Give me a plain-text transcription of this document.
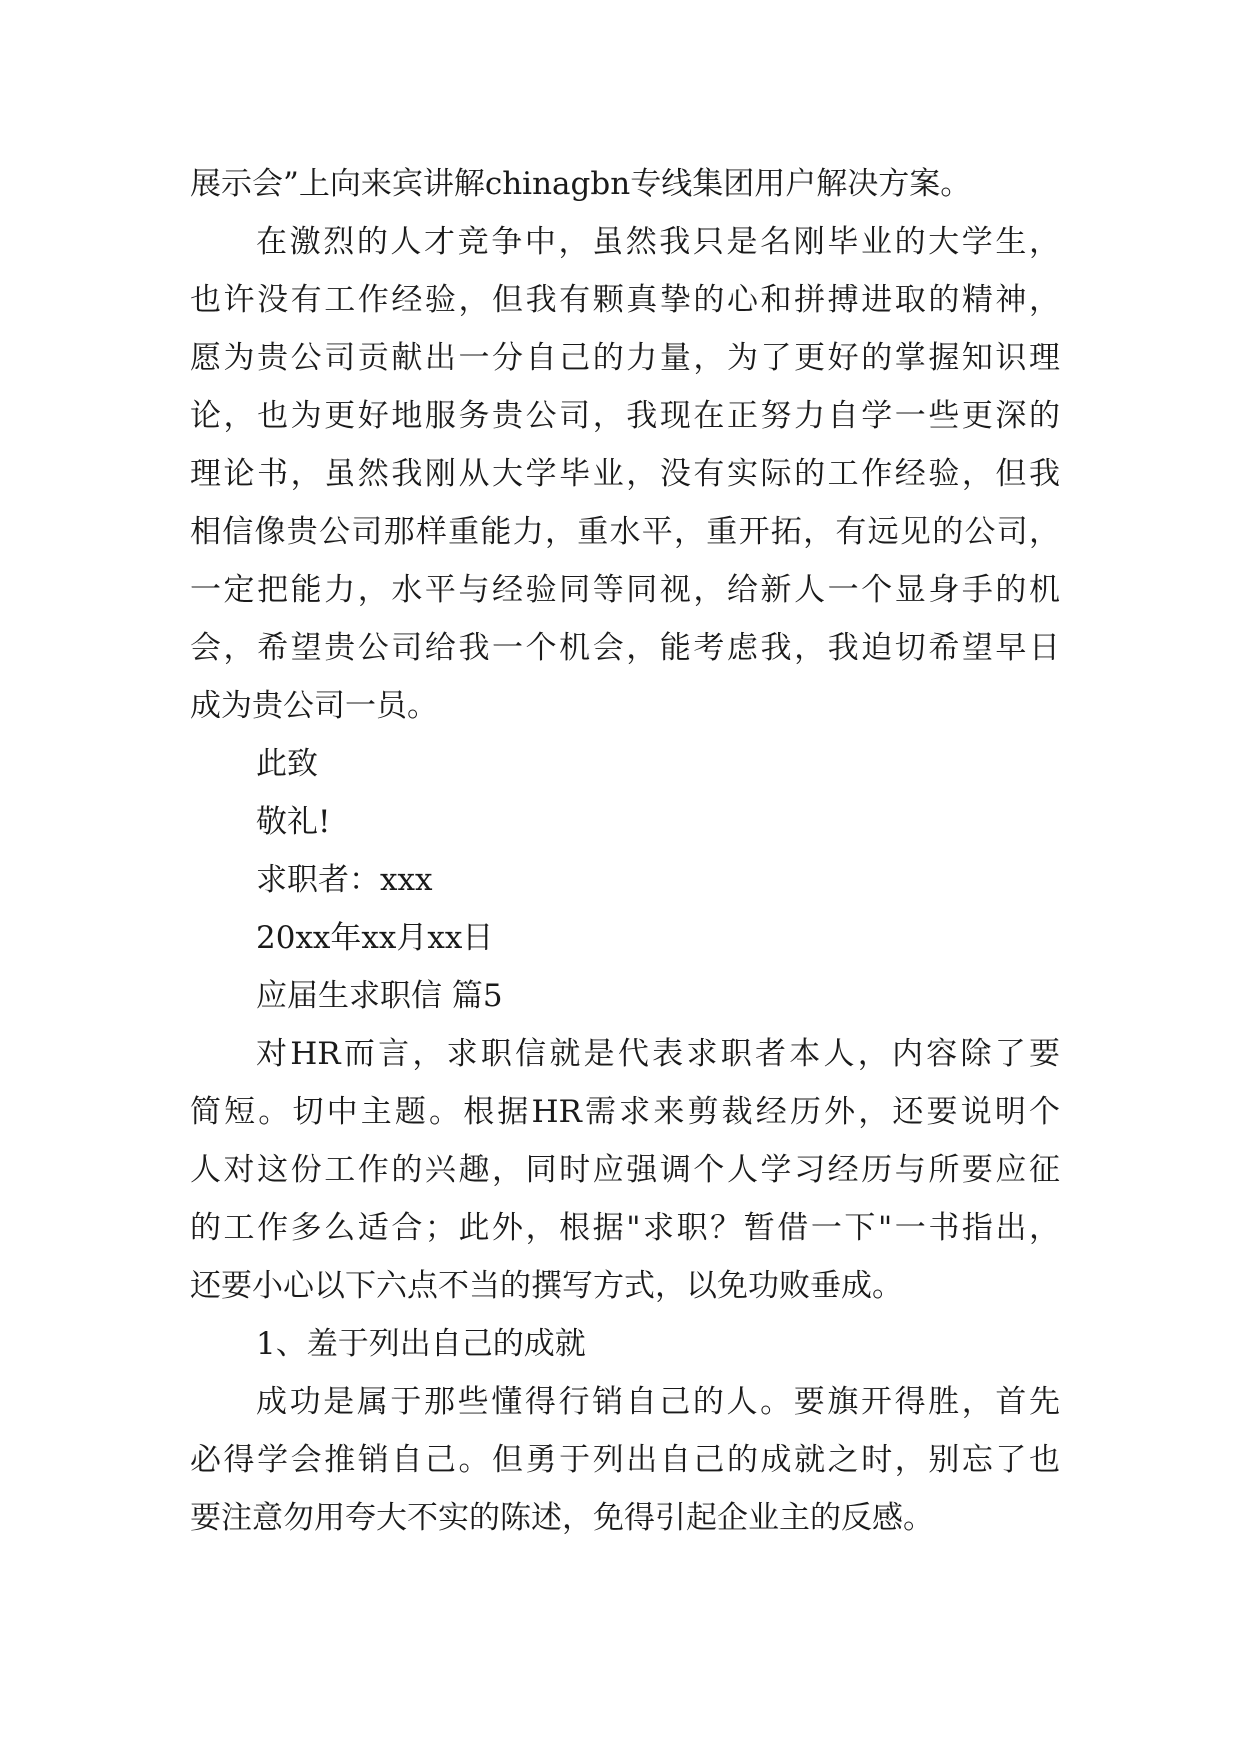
展示会”上向来宾讲解chinagbn专线集团用户解决方案。
在激烈的人才竞争中，虽然我只是名刚毕业的大学生，
也许没有工作经验，但我有颗真挚的心和拼搏进取的精神，
愿为贵公司贡献出一分自己的力量，为了更好的掌握知识理
论，也为更好地服务贵公司，我现在正努力自学一些更深的
理论书，虽然我刚从大学毕业，没有实际的工作经验，但我
相信像贵公司那样重能力，重水平，重开拓，有远见的公司，
一定把能力，水平与经验同等同视，给新人一个显身手的机
会，希望贵公司给我一个机会，能考虑我，我迫切希望早日
成为贵公司一员。
此致
敬礼!
求职者：xxx
20xx年xx月xx日
应届生求职信 篇5
对HR而言，求职信就是代表求职者本人，内容除了要
简短。切中主题。根据HR需求来剪裁经历外，还要说明个
人对这份工作的兴趣，同时应强调个人学习经历与所要应征
的工作多么适合；此外，根据"求职？暂借一下"一书指出，
还要小心以下六点不当的撰写方式，以免功败垂成。
1、羞于列出自己的成就
成功是属于那些懂得行销自己的人。要旗开得胜，首先
必得学会推销自己。但勇于列出自己的成就之时，别忘了也
要注意勿用夸大不实的陈述，免得引起企业主的反感。
